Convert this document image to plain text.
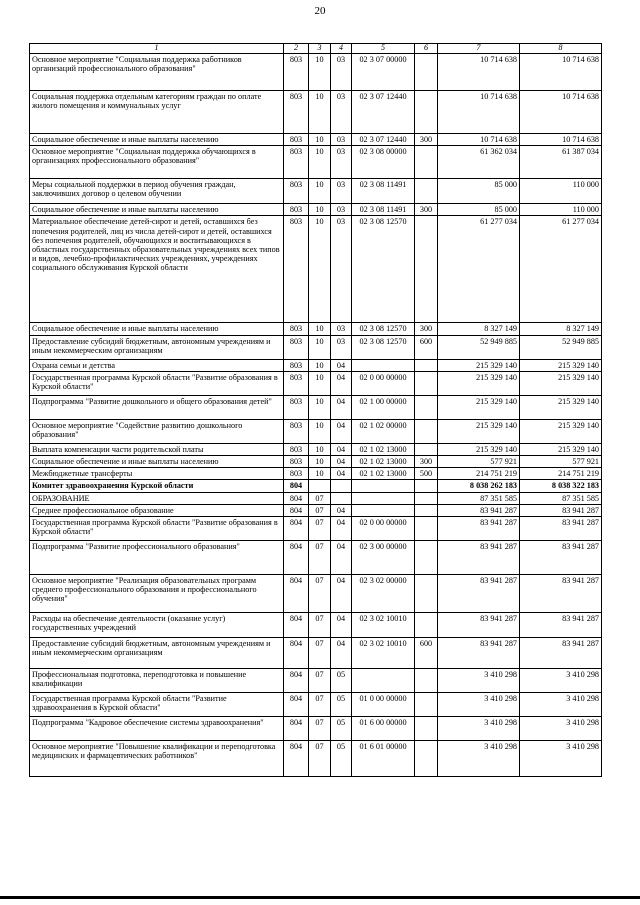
20
1	2	3	4	5	6	7	8
Основное мероприятие "Социальная поддержка работников организаций профессионального образования"	803	10	03	02 3 07 00000		10 714 638	10 714 638
Социальная поддержка отдельным категориям граждан по оплате жилого помещения и коммунальных услуг	803	10	03	02 3 07 12440		10 714 638	10 714 638
Социальное обеспечение и иные выплаты населению	803	10	03	02 3 07 12440	300	10 714 638	10 714 638
Основное мероприятие "Социальная поддержка обучающихся в организациях профессионального образования"	803	10	03	02 3 08 00000		61 362 034	61 387 034
Меры социальной поддержки в период обучения граждан, заключивших договор о целевом обучении	803	10	03	02 3 08 11491		85 000	110 000
Социальное обеспечение и иные выплаты населению	803	10	03	02 3 08 11491	300	85 000	110 000
Материальное обеспечение детей-сирот и детей, оставшихся без попечения родителей, лиц из числа детей-сирот и детей, оставшихся без попечения родителей, обучающихся и воспитывающихся в областных государственных образовательных учреждениях всех типов и видов, лечебно-профилактических учреждениях, учреждениях социального обслуживания Курской области	803	10	03	02 3 08 12570		61 277 034	61 277 034
Социальное обеспечение и иные выплаты населению	803	10	03	02 3 08 12570	300	8 327 149	8 327 149
Предоставление субсидий бюджетным, автономным учреждениям и иным некоммерческим организациям	803	10	03	02 3 08 12570	600	52 949 885	52 949 885
Охрана семьи и детства	803	10	04			215 329 140	215 329 140
Государственная программа Курской области "Развитие образования в Курской области"	803	10	04	02 0 00 00000		215 329 140	215 329 140
Подпрограмма "Развитие дошкольного и общего образования детей"	803	10	04	02 1 00 00000		215 329 140	215 329 140
Основное мероприятие "Содействие развитию дошкольного образования"	803	10	04	02 1 02 00000		215 329 140	215 329 140
Выплата компенсации части родительской платы	803	10	04	02 1 02 13000		215 329 140	215 329 140
Социальное обеспечение и иные выплаты населению	803	10	04	02 1 02 13000	300	577 921	577 921
Межбюджетные трансферты	803	10	04	02 1 02 13000	500	214 751 219	214 751 219
Комитет здравоохранения Курской области	804					8 038 262 183	8 038 322 183
ОБРАЗОВАНИЕ	804	07				87 351 585	87 351 585
Среднее профессиональное образование	804	07	04			83 941 287	83 941 287
Государственная программа Курской области "Развитие образования в Курской области"	804	07	04	02 0 00 00000		83 941 287	83 941 287
Подпрограмма "Развитие профессионального образования"	804	07	04	02 3 00 00000		83 941 287	83 941 287
Основное мероприятие "Реализация образовательных программ среднего профессионального образования и профессионального обучения"	804	07	04	02 3 02 00000		83 941 287	83 941 287
Расходы на обеспечение деятельности (оказание услуг) государственных учреждений	804	07	04	02 3 02 10010		83 941 287	83 941 287
Предоставление субсидий бюджетным, автономным учреждениям и иным некоммерческим организациям	804	07	04	02 3 02 10010	600	83 941 287	83 941 287
Профессиональная подготовка, переподготовка и повышение квалификации	804	07	05			3 410 298	3 410 298
Государственная программа Курской области "Развитие здравоохранения в Курской области"	804	07	05	01 0 00 00000		3 410 298	3 410 298
Подпрограмма "Кадровое обеспечение системы здравоохранения"	804	07	05	01 6 00 00000		3 410 298	3 410 298
Основное мероприятие "Повышение квалификации и переподготовка медицинских и фармацевтических работников"	804	07	05	01 6 01 00000		3 410 298	3 410 298
